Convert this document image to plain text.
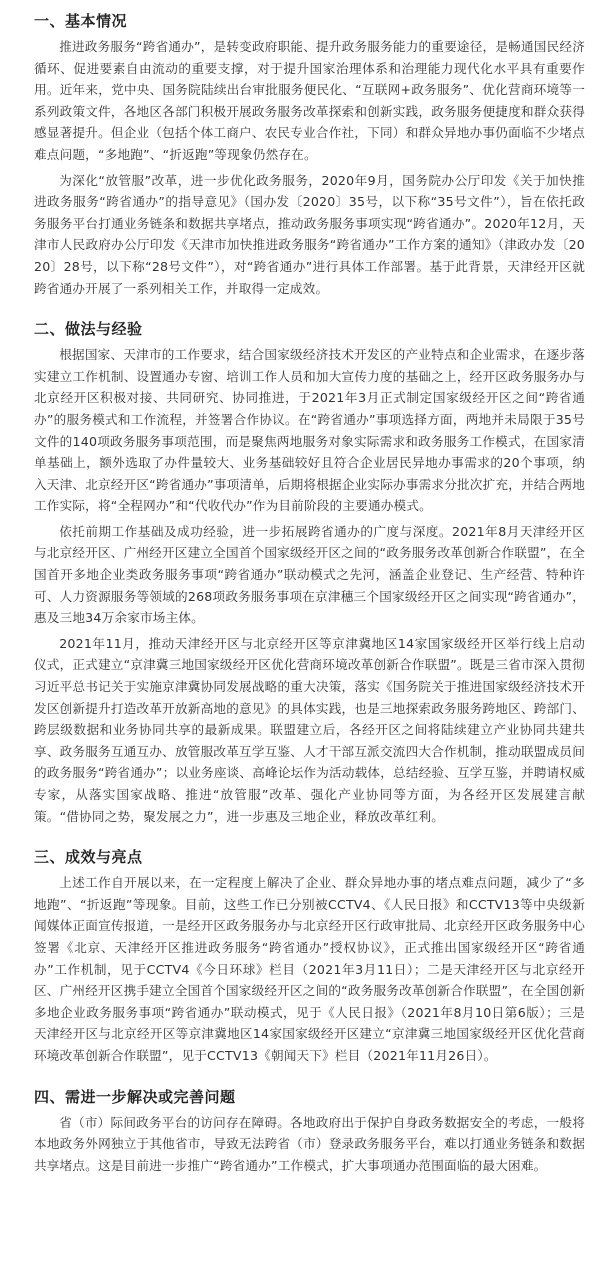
一、基本情况

推进政务服务“跨省通办”，是转变政府职能、提升政务服务能力的重要途径，是畅通国民经济循环、促进要素自由流动的重要支撑，对于提升国家治理体系和治理能力现代化水平具有重要作用。近年来，党中央、国务院陆续出台审批服务便民化、“互联网+政务服务”、优化营商环境等一系列政策文件，各地区各部门积极开展政务服务改革探索和创新实践，政务服务便捷度和群众获得感显著提升。但企业（包括个体工商户、农民专业合作社，下同）和群众异地办事仍面临不少堵点难点问题，“多地跑”、“折返跑”等现象仍然存在。

为深化“放管服”改革，进一步优化政务服务，2020年9月，国务院办公厅印发《关于加快推进政务服务“跨省通办”的指导意见》（国办发〔2020〕35号，以下称“35号文件”），旨在依托政务服务平台打通业务链条和数据共享堵点，推动政务服务事项实现“跨省通办”。2020年12月，天津市人民政府办公厅印发《天津市加快推进政务服务“跨省通办”工作方案的通知》（津政办发〔2020〕28号，以下称“28号文件”），对“跨省通办”进行具体工作部署。基于此背景，天津经开区就跨省通办开展了一系列相关工作，并取得一定成效。

二、做法与经验

根据国家、天津市的工作要求，结合国家级经济技术开发区的产业特点和企业需求，在逐步落实建立工作机制、设置通办专窗、培训工作人员和加大宣传力度的基础之上，经开区政务服务办与北京经开区积极对接、共同研究、协同推进，于2021年3月正式制定国家级经开区之间“跨省通办”的服务模式和工作流程，并签署合作协议。在“跨省通办”事项选择方面，两地并未局限于35号文件的140项政务服务事项范围，而是聚焦两地服务对象实际需求和政务服务工作模式，在国家清单基础上，额外选取了办件量较大、业务基础较好且符合企业居民异地办事需求的20个事项，纳入天津、北京经开区“跨省通办”事项清单，后期将根据企业实际办事需求分批次扩充，并结合两地工作实际，将“全程网办”和“代收代办”作为目前阶段的主要通办模式。

依托前期工作基础及成功经验，进一步拓展跨省通办的广度与深度。2021年8月天津经开区与北京经开区、广州经开区建立全国首个国家级经开区之间的“政务服务改革创新合作联盟”，在全国首开多地企业类政务服务事项“跨省通办”联动模式之先河，涵盖企业登记、生产经营、特种许可、人力资源服务等领域的268项政务服务事项在京津穗三个国家级经开区之间实现“跨省通办”，惠及三地34万余家市场主体。

2021年11月，推动天津经开区与北京经开区等京津冀地区14家国家级经开区举行线上启动仪式，正式建立“京津冀三地国家级经开区优化营商环境改革创新合作联盟”。既是三省市深入贯彻习近平总书记关于实施京津冀协同发展战略的重大决策，落实《国务院关于推进国家级经济技术开发区创新提升打造改革开放新高地的意见》的具体实践，也是三地探索政务服务跨地区、跨部门、跨层级数据和业务协同共享的最新成果。联盟建立后，各经开区之间将陆续建立产业协同共建共享、政务服务互通互办、放管服改革互学互鉴、人才干部互派交流四大合作机制，推动联盟成员间的政务服务“跨省通办”；以业务座谈、高峰论坛作为活动载体，总结经验、互学互鉴，并聘请权威专家，从落实国家战略、推进“放管服”改革、强化产业协同等方面，为各经开区发展建言献策。“借协同之势，聚发展之力”，进一步惠及三地企业，释放改革红利。

三、成效与亮点

上述工作自开展以来，在一定程度上解决了企业、群众异地办事的堵点难点问题，减少了“多地跑”、“折返跑”等现象。目前，这些工作已分别被CCTV4、《人民日报》和CCTV13等中央级新闻媒体正面宣传报道，一是经开区政务服务办与北京经开区行政审批局、北京经开区政务服务中心签署《北京、天津经开区推进政务服务“跨省通办”授权协议》，正式推出国家级经开区“跨省通办”工作机制，见于CCTV4《今日环球》栏目（2021年3月11日）；二是天津经开区与北京经开区、广州经开区携手建立全国首个国家级经开区之间的“政务服务改革创新合作联盟”，在全国创新多地企业政务服务事项“跨省通办”联动模式，见于《人民日报》（2021年8月10日第6版）；三是天津经开区与北京经开区等京津冀地区14家国家级经开区建立“京津冀三地国家级经开区优化营商环境改革创新合作联盟”，见于CCTV13《朝闻天下》栏目（2021年11月26日）。

四、需进一步解决或完善问题

省（市）际间政务平台的访问存在障碍。各地政府出于保护自身政务数据安全的考虑，一般将本地政务外网独立于其他省市，导致无法跨省（市）登录政务服务平台，难以打通业务链条和数据共享堵点。这是目前进一步推广“跨省通办”工作模式，扩大事项通办范围面临的最大困难。
